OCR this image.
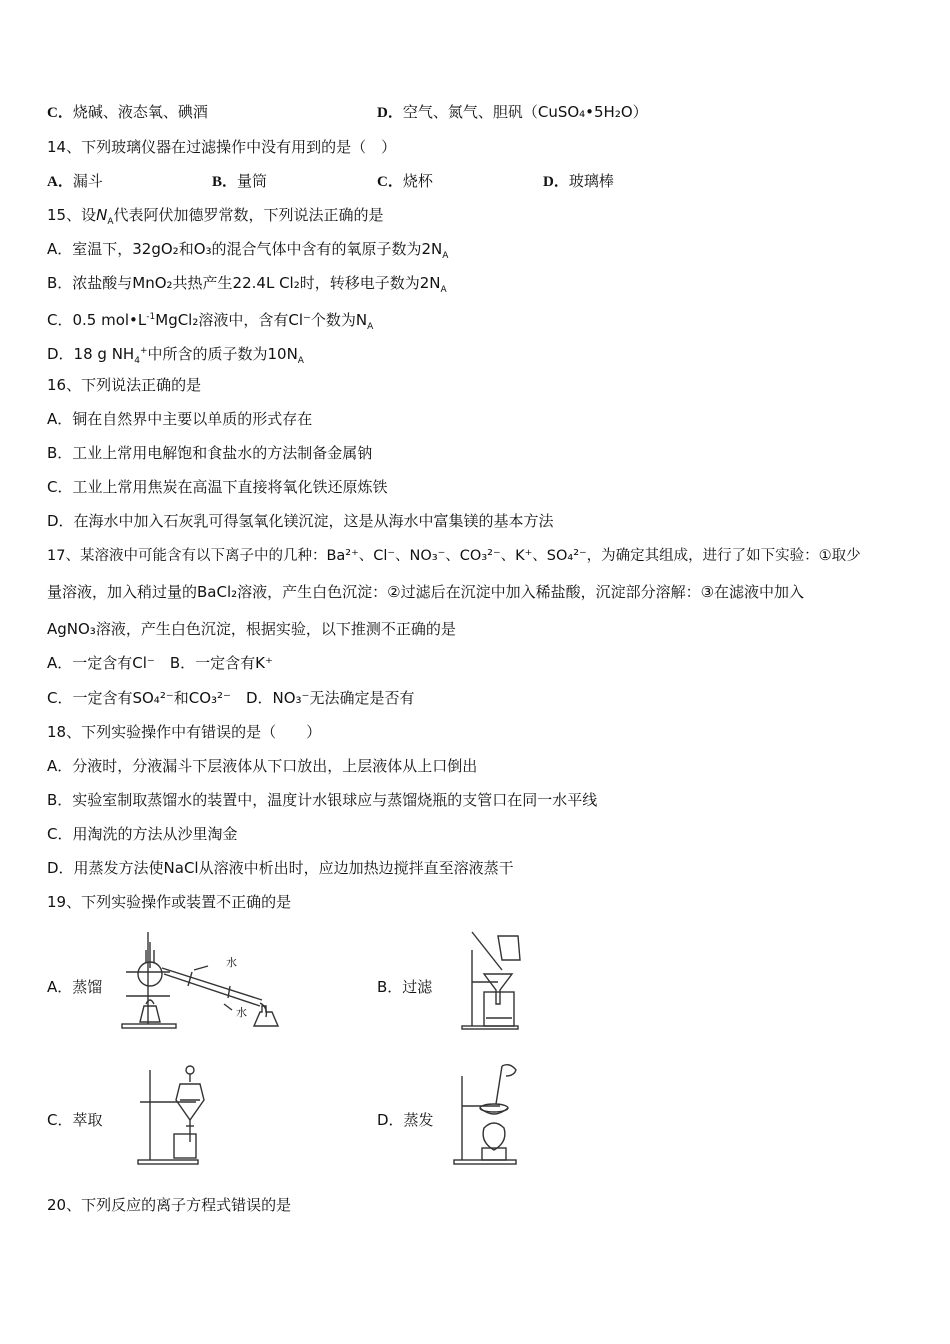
C．烧碱、液态氧、碘酒	D．空气、氮气、胆矾（CuSO₄•5H₂O）
14、下列玻璃仪器在过滤操作中没有用到的是（　）
A．漏斗	B．量筒	C．烧杯	D．玻璃棒
15、设$N_A$代表阿伏加德罗常数，下列说法正确的是
A．室温下，32gO₂和O₃的混合气体中含有的氧原子数为$2N_A$
B．浓盐酸与MnO₂共热产生22.4L Cl₂时，转移电子数为$2N_A$
C．0.5 $mol•L^{-1}MgCl_2$溶液中，含有Cl⁻个数为$N_A$
D．18 g $NH_4^+$中所含的质子数为$10N_A$
16、下列说法正确的是
A．铜在自然界中主要以单质的形式存在
B．工业上常用电解饱和食盐水的方法制备金属钠
C．工业上常用焦炭在高温下直接将氧化铁还原炼铁
D．在海水中加入石灰乳可得氢氧化镁沉淀，这是从海水中富集镁的基本方法
17、某溶液中可能含有以下离子中的几种：Ba²⁺、Cl⁻、NO₃⁻、CO₃²⁻、K⁺、SO₄²⁻，为确定其组成，进行了如下实验：①取少
量溶液，加入稍过量的BaCl₂溶液，产生白色沉淀：②过滤后在沉淀中加入稀盐酸，沉淀部分溶解：③在滤液中加入
AgNO₃溶液，产生白色沉淀，根据实验，以下推测不正确的是
A．一定含有Cl⁻　B．一定含有K⁺
C．一定含有SO₄²⁻和CO₃²⁻　D．NO₃⁻无法确定是否有
18、下列实验操作中有错误的是（　　）
A．分液时，分液漏斗下层液体从下口放出，上层液体从上口倒出
B．实验室制取蒸馏水的装置中，温度计水银球应与蒸馏烧瓶的支管口在同一水平线
C．用淘洗的方法从沙里淘金
D．用蒸发方法使NaCl从溶液中析出时，应边加热边搅拌直至溶液蒸干
19、下列实验操作或装置不正确的是
A．蒸馏
水
水
B．过滤
C．萃取	D．蒸发
20、下列反应的离子方程式错误的是
